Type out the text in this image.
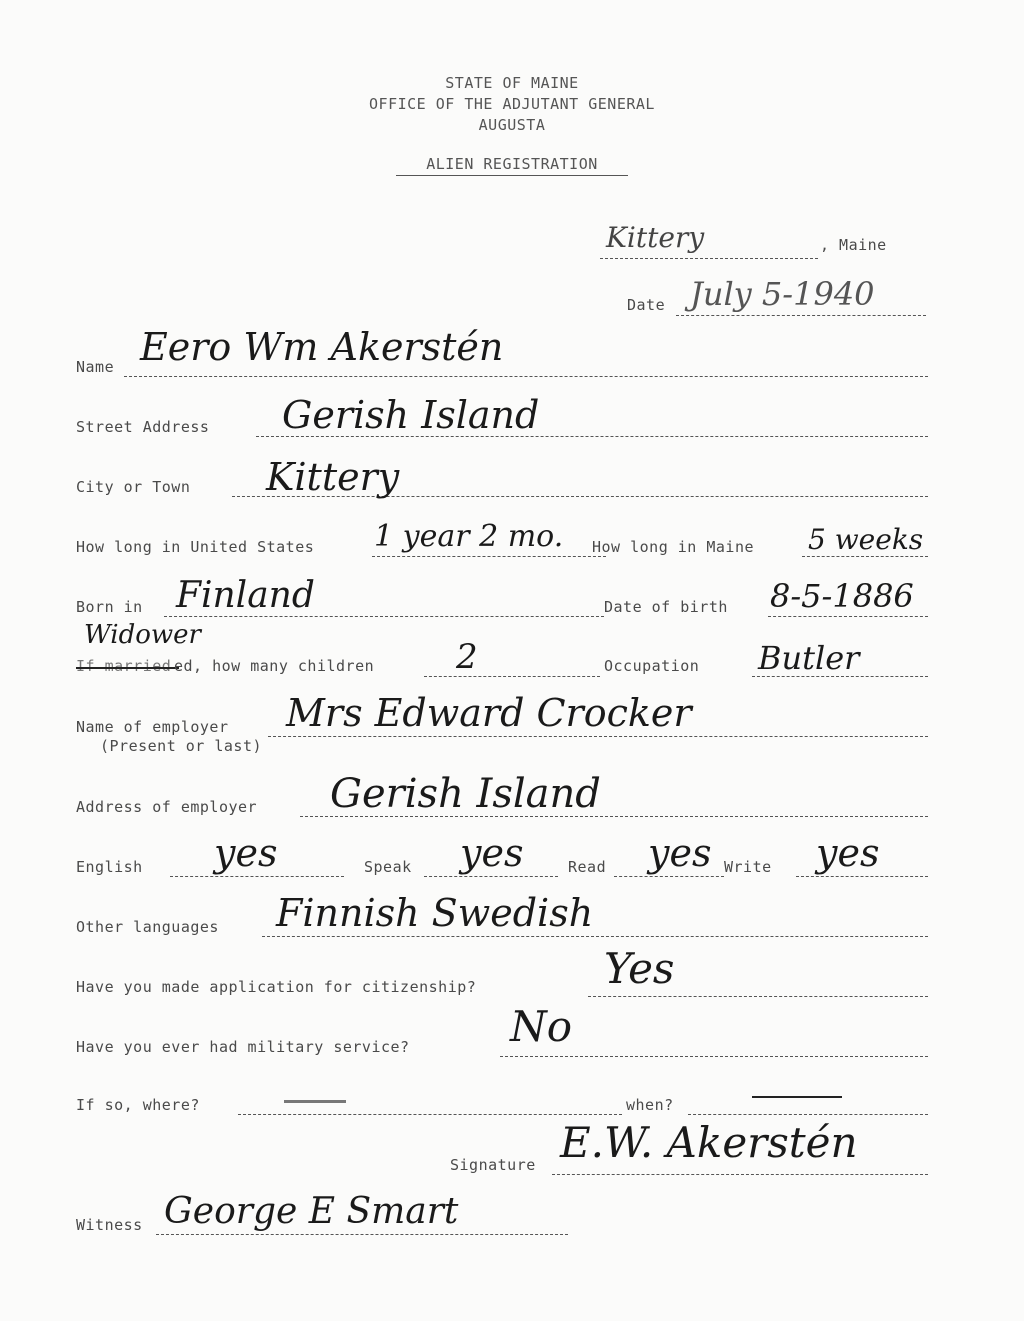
STATE OF MAINE
OFFICE OF THE ADJUTANT GENERAL
AUGUSTA
ALIEN REGISTRATION
Kittery	, Maine
Date July 5-1940
Name Eero Wm Akerstén
Street Address Gerish Island
City or Town Kittery
How long in United States 1 year 2 mo. How long in Maine 5 weeks
Born in Finland	Date of birth 8-5-1886
Widower
If married ed, how many children 2	Occupation Butler
Name of employer
(Present or last)
Mrs Edward Crocker
Address of employer Gerish Island
English yes	Speak yes	Read yes Write yes
Other languages Finnish Swedish
Have you made application for citizenship?	Yes
Have you ever had military service? No
If so, where?	when?
Signature E.W. Akerstén
Witness George E Smart
